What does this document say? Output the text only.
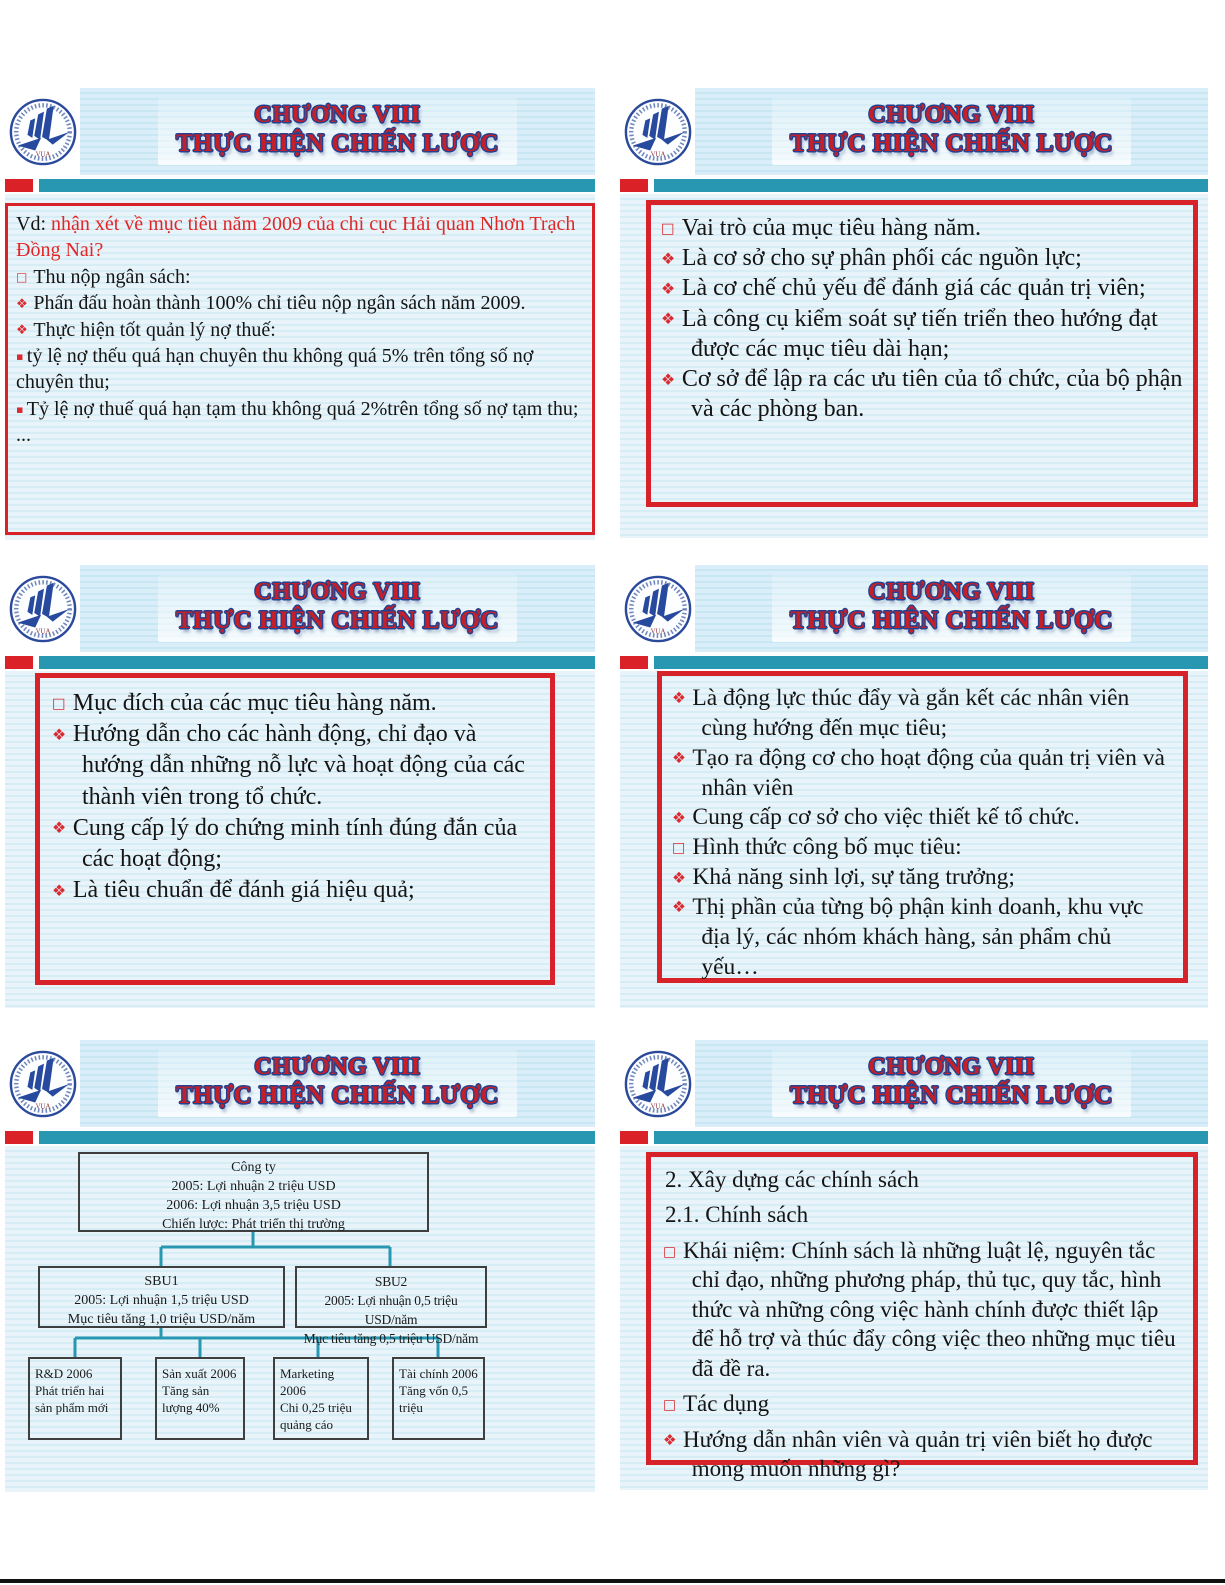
CHƯƠNG VIII
THỰC HIỆN CHIẾN LƯỢC
VUA

Vd: nhận xét về mục tiêu năm 2009 của chi cục Hải quan Nhơn Trạch Đồng Nai?

□ Thu nộp ngân sách:

❖ Phấn đấu hoàn thành 100% chỉ tiêu nộp ngân sách năm 2009.

❖ Thực hiện tốt quản lý nợ thuế:

▪ tỷ lệ nợ thếu quá hạn chuyên thu không quá 5% trên tổng số nợ chuyên thu;

▪ Tỷ lệ nợ thuế quá hạn tạm thu không quá 2%trên tổng số nợ tạm thu; ...

CHƯƠNG VIII
THỰC HIỆN CHIẾN LƯỢC
VUA
□ Vai trò của mục tiêu hàng năm.
❖ Là cơ sở cho sự phân phối các nguồn lực;
❖ Là cơ chế chủ yếu để đánh giá các quản trị viên;
❖ Là công cụ kiểm soát sự tiến triển theo hướng đạt được các mục tiêu dài hạn;
❖ Cơ sở để lập ra các ưu tiên của tổ chức, của bộ phận và các phòng ban.
CHƯƠNG VIII
THỰC HIỆN CHIẾN LƯỢC
VUA
□ Mục đích của các mục tiêu hàng năm.
❖ Hướng dẫn cho các hành động, chỉ đạo và hướng dẫn những nỗ lực và hoạt động của các thành viên trong tổ chức.
❖ Cung cấp lý do chứng minh tính đúng đắn của các hoạt động;
❖ Là tiêu chuẩn để đánh giá hiệu quả;
CHƯƠNG VIII
THỰC HIỆN CHIẾN LƯỢC
VUA
❖ Là động lực thúc đẩy và gắn kết các nhân viên cùng hướng đến mục tiêu;
❖ Tạo ra động cơ cho hoạt động của quản trị viên và nhân viên
❖ Cung cấp cơ sở cho việc thiết kế tổ chức.
□ Hình thức công bố mục tiêu:
❖ Khả năng sinh lợi, sự tăng trưởng;
❖ Thị phần của từng bộ phận kinh doanh, khu vực địa lý, các nhóm khách hàng, sản phẩm chủ yếu…
CHƯƠNG VIII
THỰC HIỆN CHIẾN LƯỢC
VUA
Công ty
2005: Lợi nhuận 2 triệu USD
2006: Lợi nhuận 3,5 triệu USD
Chiến lược: Phát triển thị trường
SBU1
2005: Lợi nhuận 1,5 triệu USD
Mục tiêu tăng 1,0 triệu USD/năm
SBU2
2005: Lợi nhuận 0,5 triệu USD/năm
Mục tiêu tăng 0,5 triệu USD/năm
R&D 2006
Phát triển hai sản phẩm mới
Sản xuất 2006
Tăng sản lượng 40%
Marketing 2006
Chi 0,25 triệu quảng cáo
Tài chính 2006
Tăng vốn 0,5 triệu
CHƯƠNG VIII
THỰC HIỆN CHIẾN LƯỢC
VUA
2. Xây dựng các chính sách
2.1. Chính sách
□ Khái niệm: Chính sách là những luật lệ, nguyên tắc chỉ đạo, những phương pháp, thủ tục, quy tắc, hình thức và những công việc hành chính được thiết lập để hỗ trợ và thúc đẩy công việc theo những mục tiêu đã đề ra.
□ Tác dụng
❖ Hướng dẫn nhân viên và quản trị viên biết họ được mong muốn những gì?
